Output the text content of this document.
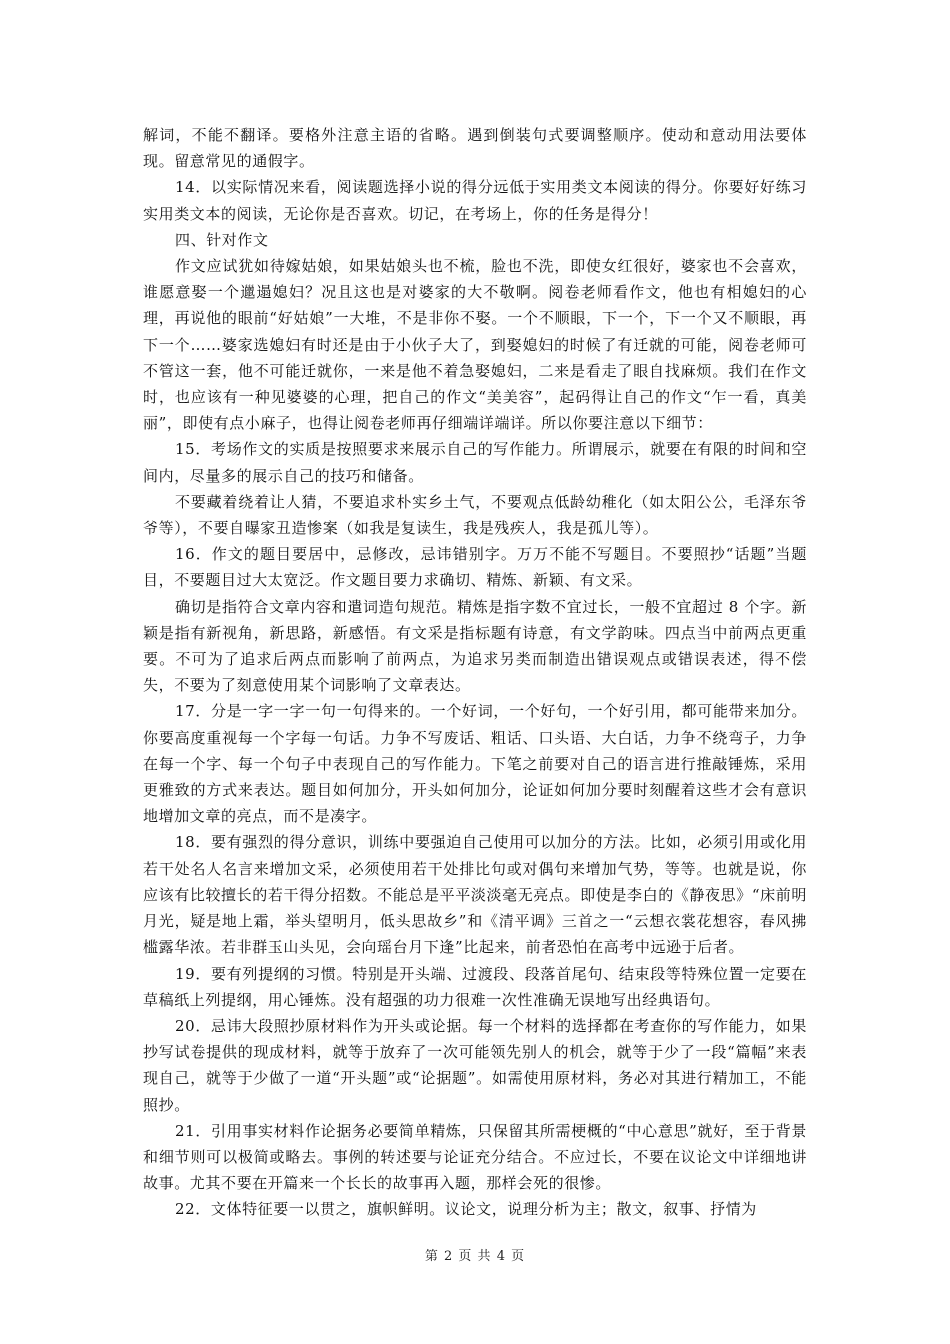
解词，不能不翻译。要格外注意主语的省略。遇到倒装句式要调整顺序。使动和意动用法要体现。留意常见的通假字。

14．以实际情况来看，阅读题选择小说的得分远低于实用类文本阅读的得分。你要好好练习实用类文本的阅读，无论你是否喜欢。切记，在考场上，你的任务是得分！

四、针对作文

作文应试犹如待嫁姑娘，如果姑娘头也不梳，脸也不洗，即使女红很好，婆家也不会喜欢，谁愿意娶一个邋遢媳妇？况且这也是对婆家的大不敬啊。阅卷老师看作文，他也有相媳妇的心理，再说他的眼前“好姑娘”一大堆，不是非你不娶。一个不顺眼，下一个，下一个又不顺眼，再下一个……婆家选媳妇有时还是由于小伙子大了，到娶媳妇的时候了有迁就的可能，阅卷老师可不管这一套，他不可能迁就你，一来是他不着急娶媳妇，二来是看走了眼自找麻烦。我们在作文时，也应该有一种见婆婆的心理，把自己的作文“美美容”，起码得让自己的作文“乍一看，真美丽”，即使有点小麻子，也得让阅卷老师再仔细端详端详。所以你要注意以下细节：

15．考场作文的实质是按照要求来展示自己的写作能力。所谓展示，就要在有限的时间和空间内，尽量多的展示自己的技巧和储备。

不要藏着绕着让人猜，不要追求朴实乡土气，不要观点低龄幼稚化（如太阳公公，毛泽东爷爷等），不要自曝家丑造惨案（如我是复读生，我是残疾人，我是孤儿等）。

16．作文的题目要居中，忌修改，忌讳错别字。万万不能不写题目。不要照抄“话题”当题目，不要题目过大太宽泛。作文题目要力求确切、精炼、新颖、有文采。

确切是指符合文章内容和遣词造句规范。精炼是指字数不宜过长，一般不宜超过 8 个字。新颖是指有新视角，新思路，新感悟。有文采是指标题有诗意，有文学韵味。四点当中前两点更重要。不可为了追求后两点而影响了前两点，为追求另类而制造出错误观点或错误表述，得不偿失，不要为了刻意使用某个词影响了文章表达。

17．分是一字一字一句一句得来的。一个好词，一个好句，一个好引用，都可能带来加分。你要高度重视每一个字每一句话。力争不写废话、粗话、口头语、大白话，力争不绕弯子，力争在每一个字、每一个句子中表现自己的写作能力。下笔之前要对自己的语言进行推敲锤炼，采用更雅致的方式来表达。题目如何加分，开头如何加分，论证如何加分要时刻醒着这些才会有意识地增加文章的亮点，而不是凑字。

18．要有强烈的得分意识，训练中要强迫自己使用可以加分的方法。比如，必须引用或化用若干处名人名言来增加文采，必须使用若干处排比句或对偶句来增加气势，等等。也就是说，你应该有比较擅长的若干得分招数。不能总是平平淡淡毫无亮点。即使是李白的《静夜思》“床前明月光，疑是地上霜，举头望明月，低头思故乡”和《清平调》三首之一“云想衣裳花想容，春风拂槛露华浓。若非群玉山头见，会向瑶台月下逢”比起来，前者恐怕在高考中远逊于后者。

19．要有列提纲的习惯。特别是开头端、过渡段、段落首尾句、结束段等特殊位置一定要在草稿纸上列提纲，用心锤炼。没有超强的功力很难一次性准确无误地写出经典语句。

20．忌讳大段照抄原材料作为开头或论据。每一个材料的选择都在考查你的写作能力，如果抄写试卷提供的现成材料，就等于放弃了一次可能领先别人的机会，就等于少了一段“篇幅”来表现自己，就等于少做了一道“开头题”或“论据题”。如需使用原材料，务必对其进行精加工，不能照抄。

21．引用事实材料作论据务必要简单精炼，只保留其所需梗概的“中心意思”就好，至于背景和细节则可以极简或略去。事例的转述要与论证充分结合。不应过长，不要在议论文中详细地讲故事。尤其不要在开篇来一个长长的故事再入题，那样会死的很惨。

22．文体特征要一以贯之，旗帜鲜明。议论文，说理分析为主；散文，叙事、抒情为

第 2 页 共 4 页
